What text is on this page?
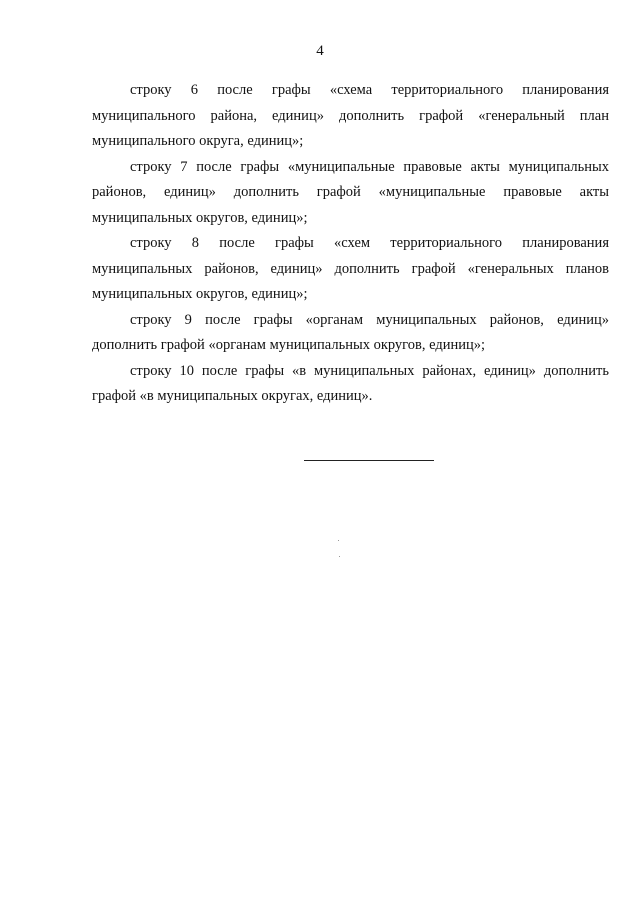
4

строку 6 после графы «схема территориального планирования муниципального района, единиц» дополнить графой «генеральный план муниципального округа, единиц»;

строку 7 после графы «муниципальные правовые акты муниципальных районов, единиц» дополнить графой «муниципальные правовые акты муниципальных округов, единиц»;

строку 8 после графы «схем территориального планирования муниципальных районов, единиц» дополнить графой «генеральных планов муниципальных округов, единиц»;

строку 9 после графы «органам муниципальных районов, единиц» дополнить графой «органам муниципальных округов, единиц»;

строку 10 после графы «в муниципальных районах, единиц» дополнить графой «в муниципальных округах, единиц».
